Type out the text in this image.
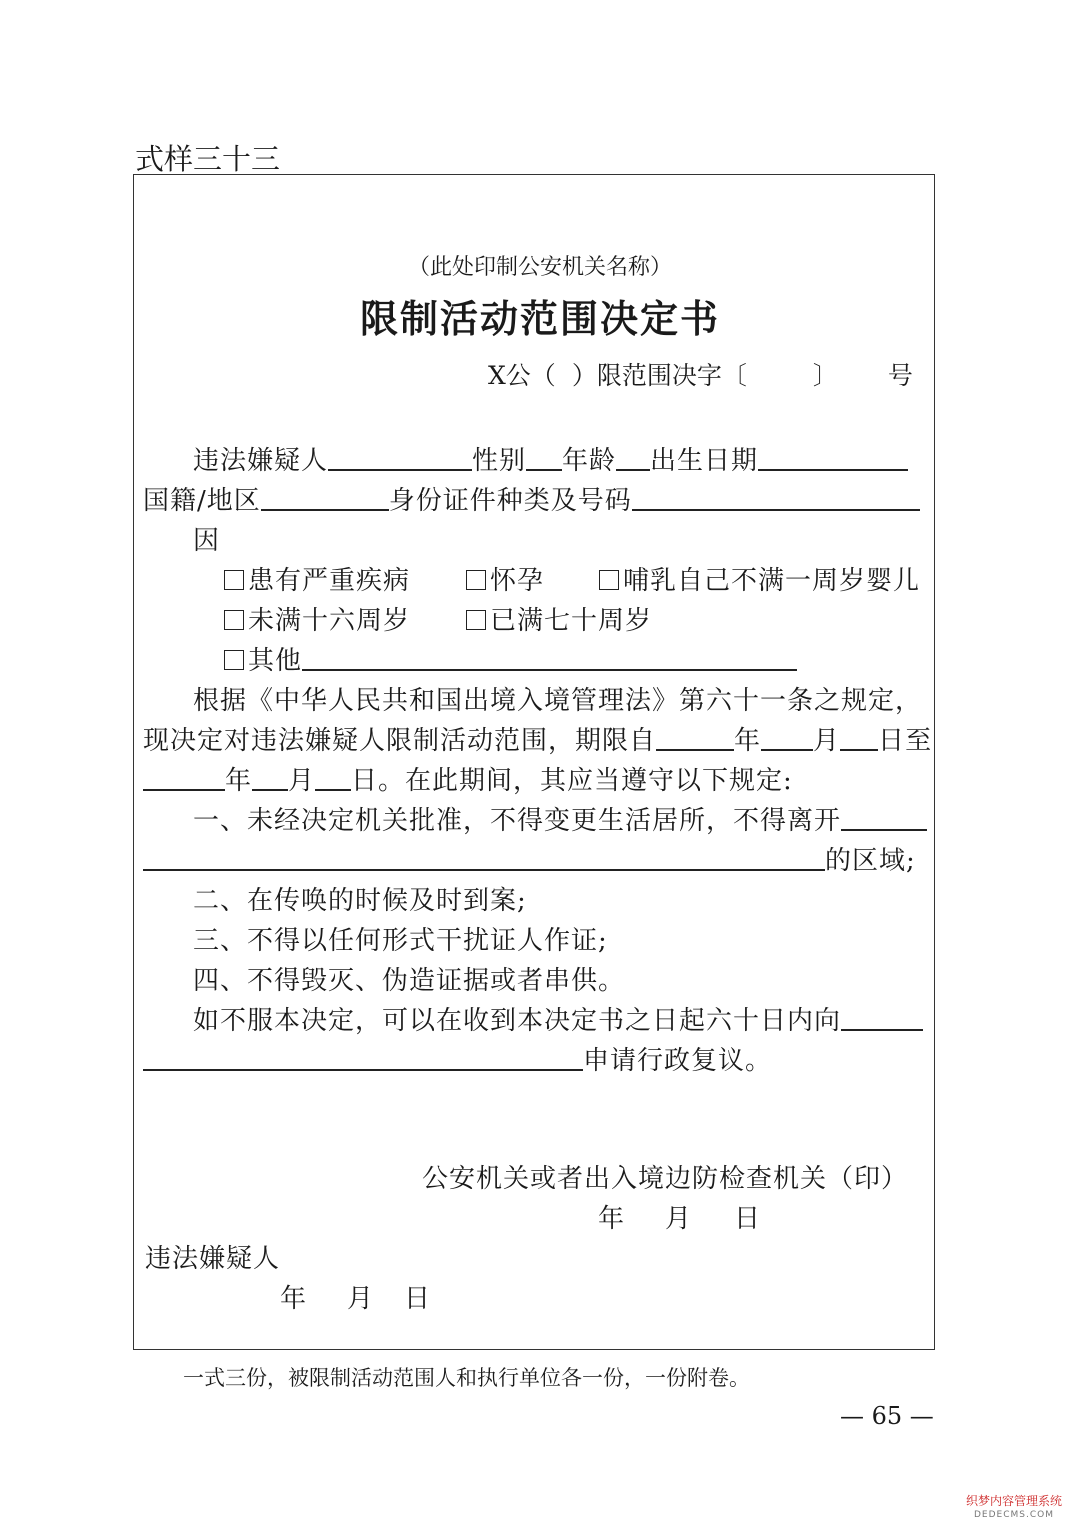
式样三十三
（此处印制公安机关名称）
限制活动范围决定书
X公（ ）限范围决字〔	〕 号
违法嫌疑人	性别 年龄 出生日期
国籍/地区	身份证件种类及号码
因
患有严重疾病	怀孕	哺乳自己不满一周岁婴儿
未满十六周岁	已满七十周岁
其他
根据《中华人民共和国出境入境管理法》第六十一条之规定，
现决定对违法嫌疑人限制活动范围，期限自	年 月 日至
年 月 日。在此期间，其应当遵守以下规定:
一、未经决定机关批准，不得变更生活居所，不得离开
的区域;
二、在传唤的时候及时到案;
三、不得以任何形式干扰证人作证;
四、不得毁灭、伪造证据或者串供。
如不服本决定，可以在收到本决定书之日起六十日内向
申请行政复议。
公安机关或者出入境边防检查机关（印）
年 月 日
违法嫌疑人
年 月 日
一式三份，被限制活动范围人和执行单位各一份，一份附卷。
— 65 —
织梦内容管理系统
DEDECMS.COM
